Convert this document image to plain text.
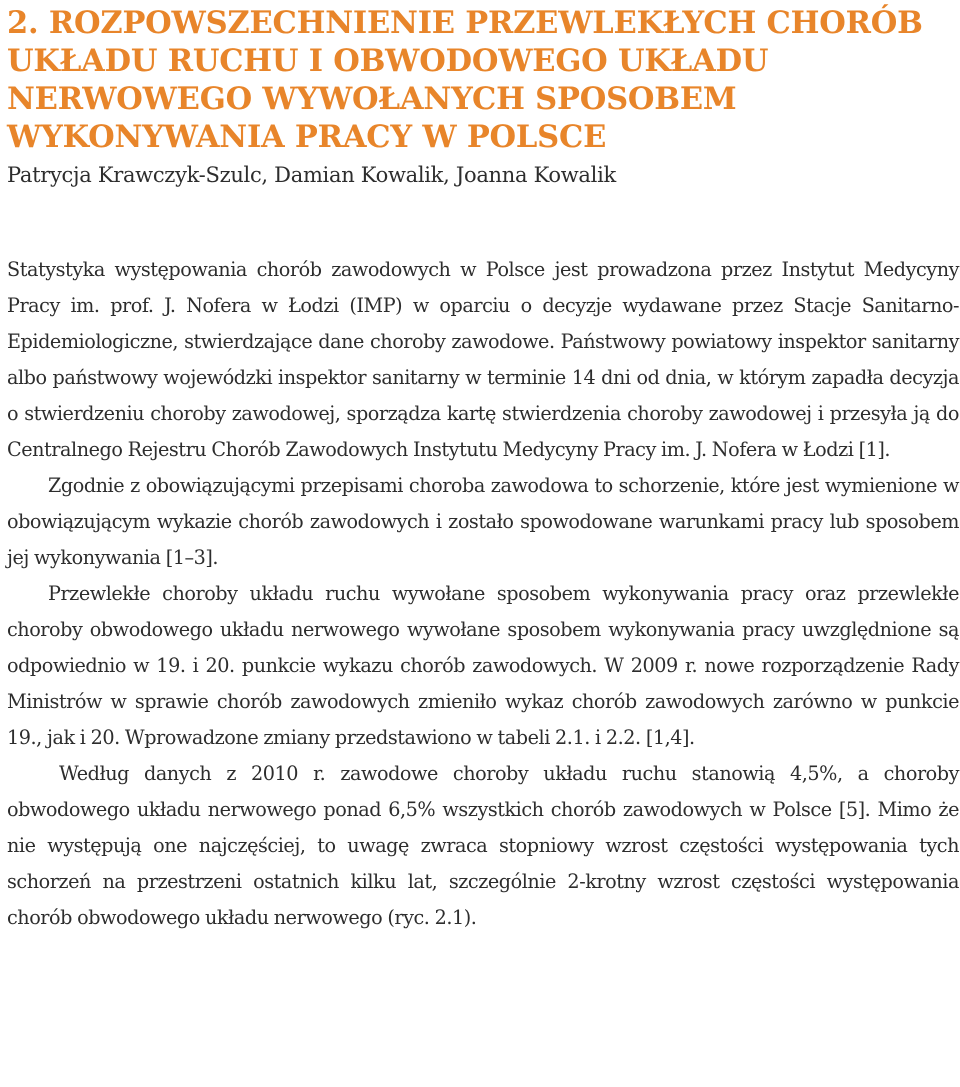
2. ROZPOWSZECHNIENIE PRZEWLEKŁYCH CHORÓB UKŁADU RUCHU I OBWODOWEGO UKŁADU NERWOWEGO WYWOŁANYCH SPOSOBEM WYKONYWANIA PRACY W POLSCE
Patrycja Krawczyk-Szulc, Damian Kowalik, Joanna Kowalik

Statystyka występowania chorób zawodowych w Polsce jest prowadzona przez Instytut Medycyny Pracy im. prof. J. Nofera w Łodzi (IMP) w oparciu o decyzje wydawane przez Stacje Sanitarno-Epidemiologiczne, stwierdzające dane choroby zawodowe. Państwowy powiatowy inspektor sanitarny albo państwowy wojewódzki inspektor sanitarny w terminie 14 dni od dnia, w którym zapadła decyzja o stwierdzeniu choroby zawodowej, sporządza kartę stwierdzenia choroby zawodowej i przesyła ją do Centralnego Rejestru Chorób Zawodowych Instytutu Medycyny Pracy im. J. Nofera w Łodzi [1].

Zgodnie z obowiązującymi przepisami choroba zawodowa to schorzenie, które jest wymienione w obowiązującym wykazie chorób zawodowych i zostało spowodowane warunkami pracy lub sposobem jej wykonywania [1–3].

Przewlekłe choroby układu ruchu wywołane sposobem wykonywania pracy oraz przewlekłe choroby obwodowego układu nerwowego wywołane sposobem wykonywania pracy uwzględnione są odpowiednio w 19. i 20. punkcie wykazu chorób zawodowych. W 2009 r. nowe rozporządzenie Rady Ministrów w sprawie chorób zawodowych zmieniło wykaz chorób zawodowych zarówno w punkcie 19., jak i 20. Wprowadzone zmiany przedstawiono w tabeli 2.1. i 2.2. [1,4].

Według danych z 2010 r. zawodowe choroby układu ruchu stanowią 4,5%, a choroby obwodowego układu nerwowego ponad 6,5% wszystkich chorób zawodowych w Polsce [5]. Mimo że nie występują one najczęściej, to uwagę zwraca stopniowy wzrost częstości występowania tych schorzeń na przestrzeni ostatnich kilku lat, szczególnie 2-krotny wzrost częstości występowania chorób obwodowego układu nerwowego (ryc. 2.1).
